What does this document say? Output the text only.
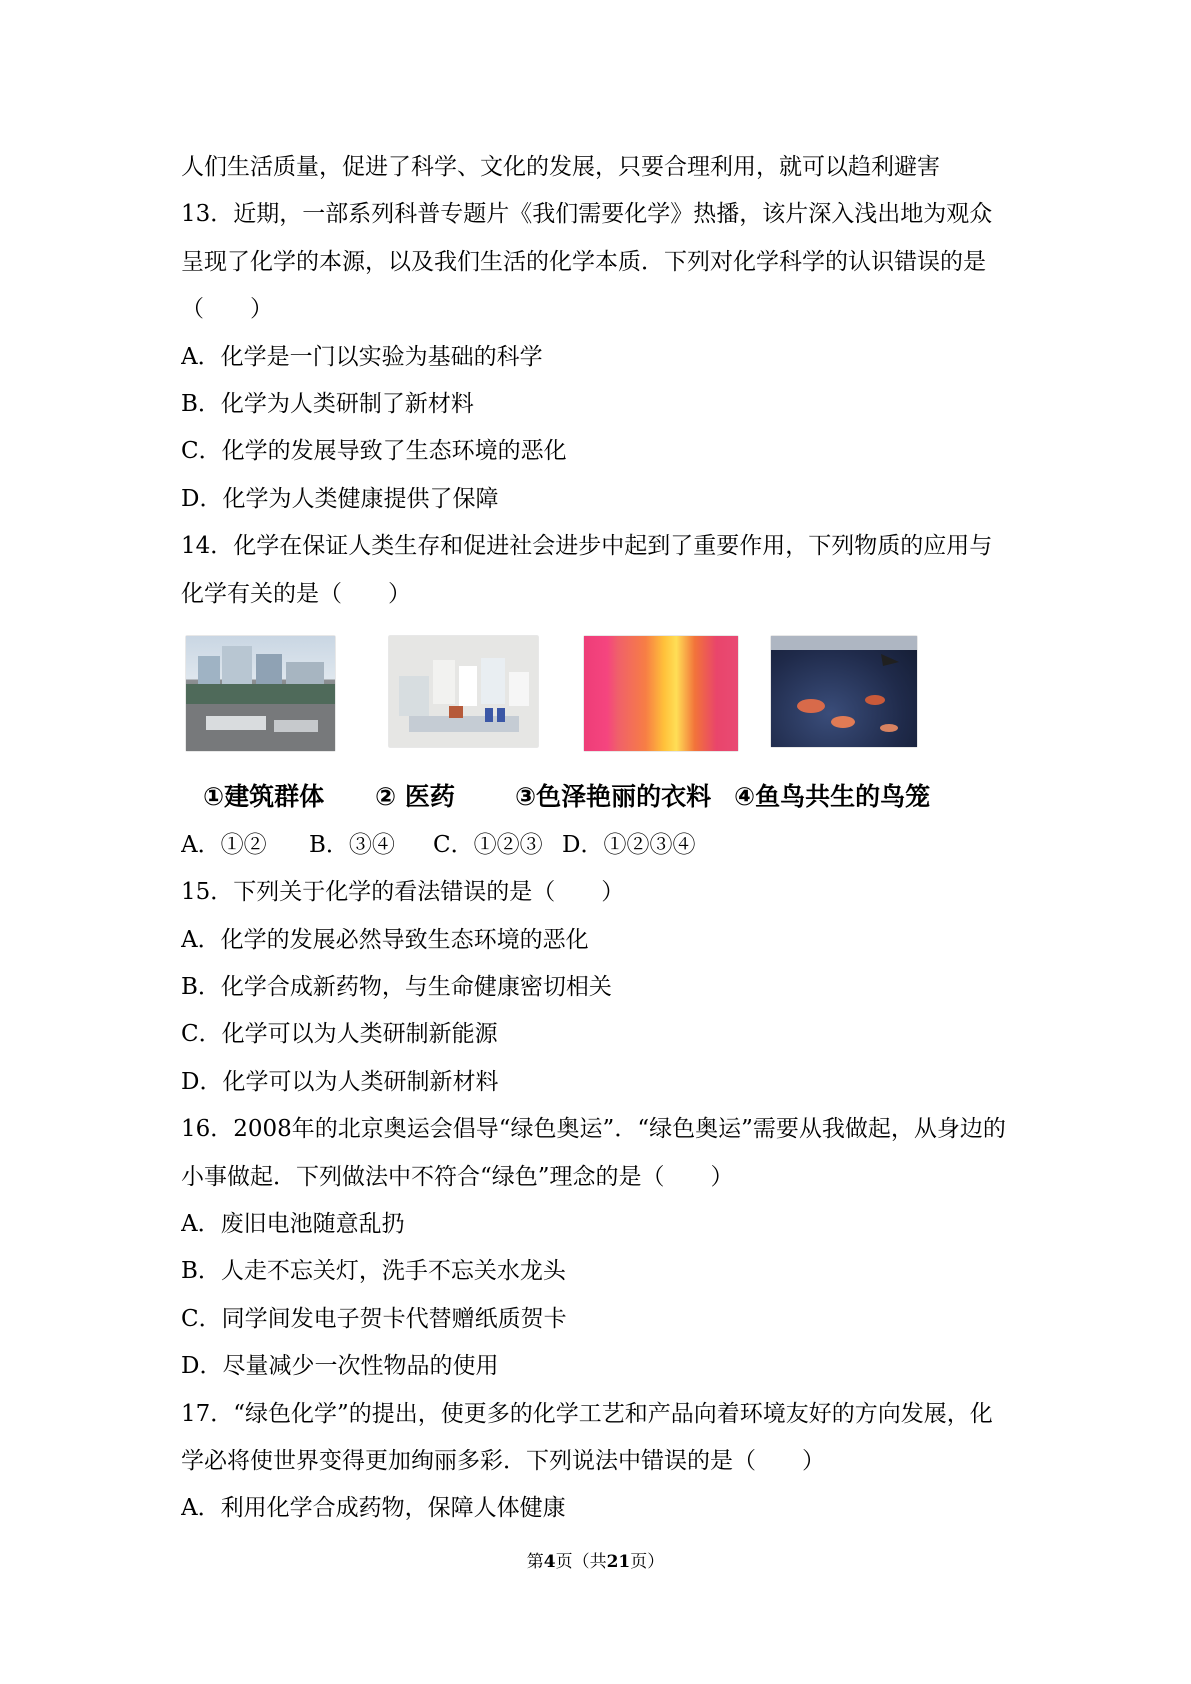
人们生活质量，促进了科学、文化的发展，只要合理利用，就可以趋利避害
13．近期，一部系列科普专题片《我们需要化学》热播，该片深入浅出地为观众
呈现了化学的本源，以及我们生活的化学本质．下列对化学科学的认识错误的是
（　　）
A．化学是一门以实验为基础的科学
B．化学为人类研制了新材料
C．化学的发展导致了生态环境的恶化
D．化学为人类健康提供了保障
14．化学在保证人类生存和促进社会进步中起到了重要作用，下列物质的应用与
化学有关的是（　　）
①建筑群体 ② 医药 ③色泽艳丽的衣料 ④鱼鸟共生的鸟笼
A．①② B．③④ C．①②③ D．①②③④
15．下列关于化学的看法错误的是（　　）
A．化学的发展必然导致生态环境的恶化
B．化学合成新药物，与生命健康密切相关
C．化学可以为人类研制新能源
D．化学可以为人类研制新材料
16．2008年的北京奥运会倡导“绿色奥运”．“绿色奥运”需要从我做起，从身边的
小事做起．下列做法中不符合“绿色”理念的是（　　）
A．废旧电池随意乱扔
B．人走不忘关灯，洗手不忘关水龙头
C．同学间发电子贺卡代替赠纸质贺卡
D．尽量减少一次性物品的使用
17．“绿色化学”的提出，使更多的化学工艺和产品向着环境友好的方向发展，化
学必将使世界变得更加绚丽多彩．下列说法中错误的是（　　）
A．利用化学合成药物，保障人体健康
第4页（共21页）
